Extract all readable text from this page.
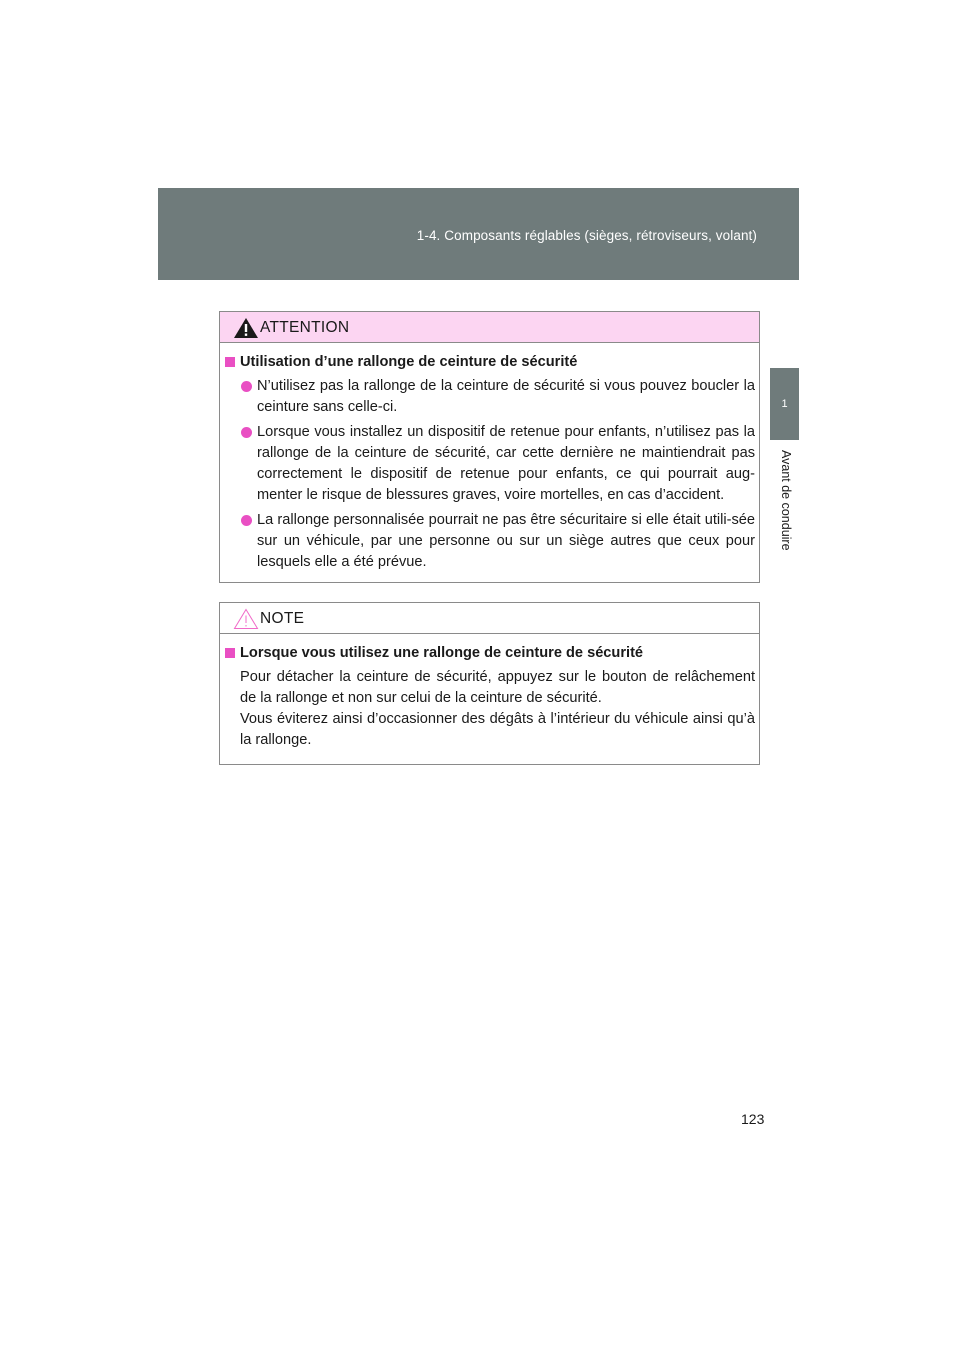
1-4. Composants réglables (sièges, rétroviseurs, volant)
1
Avant de conduire
ATTENTION
Utilisation d’une rallonge de ceinture de sécurité
N’utilisez pas la rallonge de la ceinture de sécurité si vous pouvez boucler la ceinture sans celle-ci.
Lorsque vous installez un dispositif de retenue pour enfants, n’utilisez pas la rallonge de la ceinture de sécurité, car cette dernière ne maintiendrait pas correctement le dispositif de retenue pour enfants, ce qui pourrait aug-menter le risque de blessures graves, voire mortelles, en cas d’accident.
La rallonge personnalisée pourrait ne pas être sécuritaire si elle était utili-sée sur un véhicule, par une personne ou sur un siège autres que ceux pour lesquels elle a été prévue.
NOTE
Lorsque vous utilisez une rallonge de ceinture de sécurité
Pour détacher la ceinture de sécurité, appuyez sur le bouton de relâchement de la rallonge et non sur celui de la ceinture de sécurité.
Vous éviterez ainsi d’occasionner des dégâts à l’intérieur du véhicule ainsi qu’à la rallonge.
123
